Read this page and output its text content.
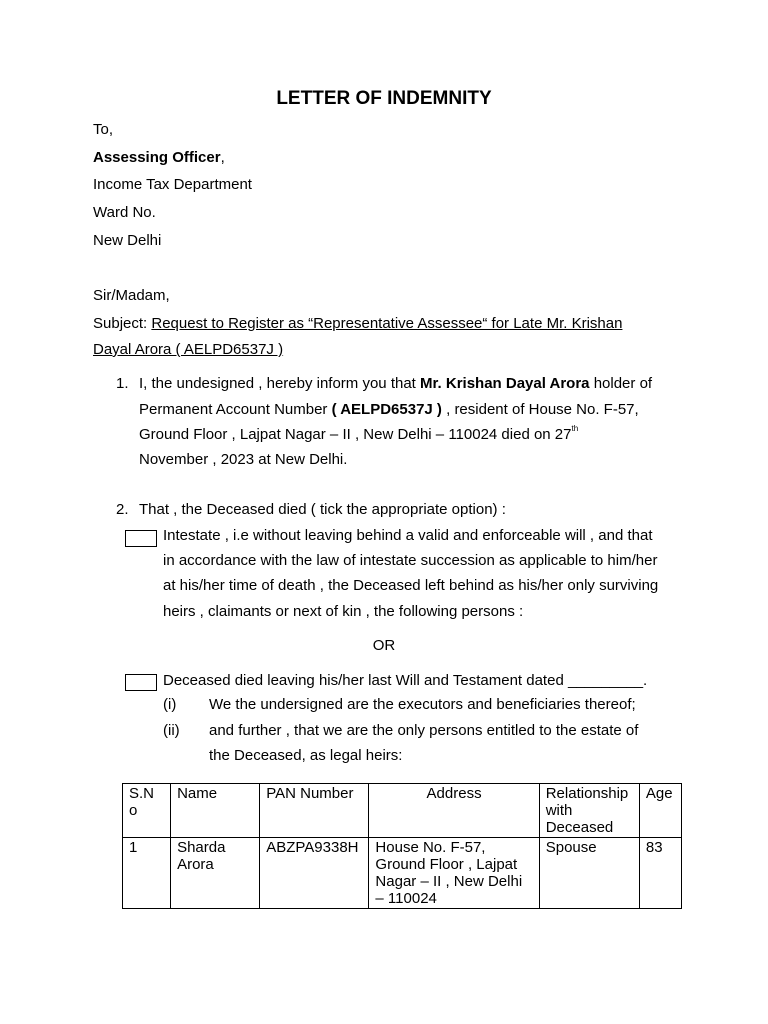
LETTER OF INDEMNITY
To,
Assessing Officer,
Income Tax Department
Ward No.
New Delhi
Sir/Madam,
Subject: Request to Register as “Representative Assessee“ for Late Mr. Krishan
Dayal Arora ( AELPD6537J )
1. I, the undesigned , hereby inform you that Mr. Krishan Dayal Arora holder of
Permanent Account Number ( AELPD6537J ) , resident of House No. F-57,
Ground Floor , Lajpat Nagar – II , New Delhi – 110024 died on 27th
November , 2023 at New Delhi.
2. That , the Deceased died ( tick the appropriate option) :
Intestate , i.e without leaving behind a valid and enforceable will , and that
in accordance with the law of intestate succession as applicable to him/her
at his/her time of death , the Deceased left behind as his/her only surviving
heirs , claimants or next of kin , the following persons :
OR
Deceased died leaving his/her last Will and Testament dated _________.
(i) We the undersigned are the executors and beneficiaries thereof;
(ii) and further , that we are the only persons entitled to the estate of
the Deceased, as legal heirs:
S.N o	Name	PAN Number	Address	Relationship with Deceased	Age
1	Sharda Arora	ABZPA9338H	House No. F-57, Ground Floor , Lajpat Nagar – II , New Delhi – 110024	Spouse	83
